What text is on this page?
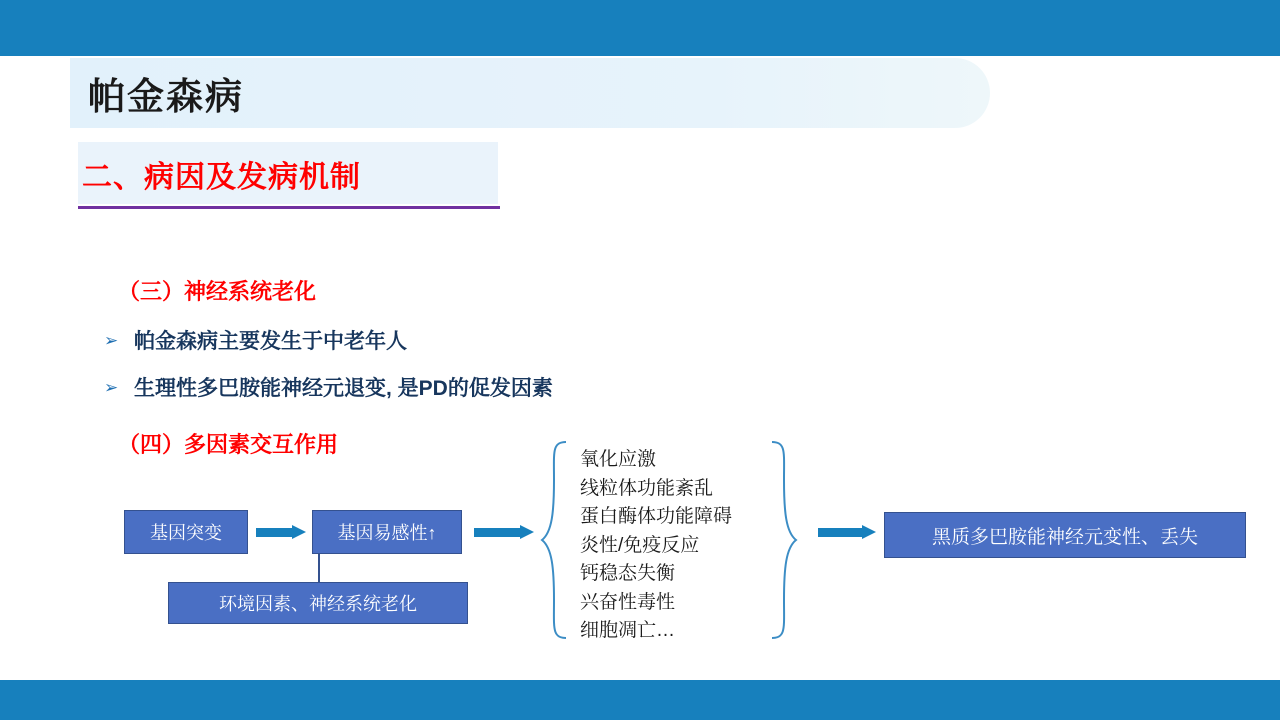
帕金森病
二、病因及发病机制
（三）神经系统老化
➢ 帕金森病主要发生于中老年人
➢ 生理性多巴胺能神经元退变, 是PD的促发因素
（四）多因素交互作用
基因突变	基因易感性↑
环境因素、神经系统老化
黑质多巴胺能神经元变性、丢失
氧化应激
线粒体功能紊乱
蛋白酶体功能障碍
炎性/免疫反应
钙稳态失衡
兴奋性毒性
细胞凋亡…
